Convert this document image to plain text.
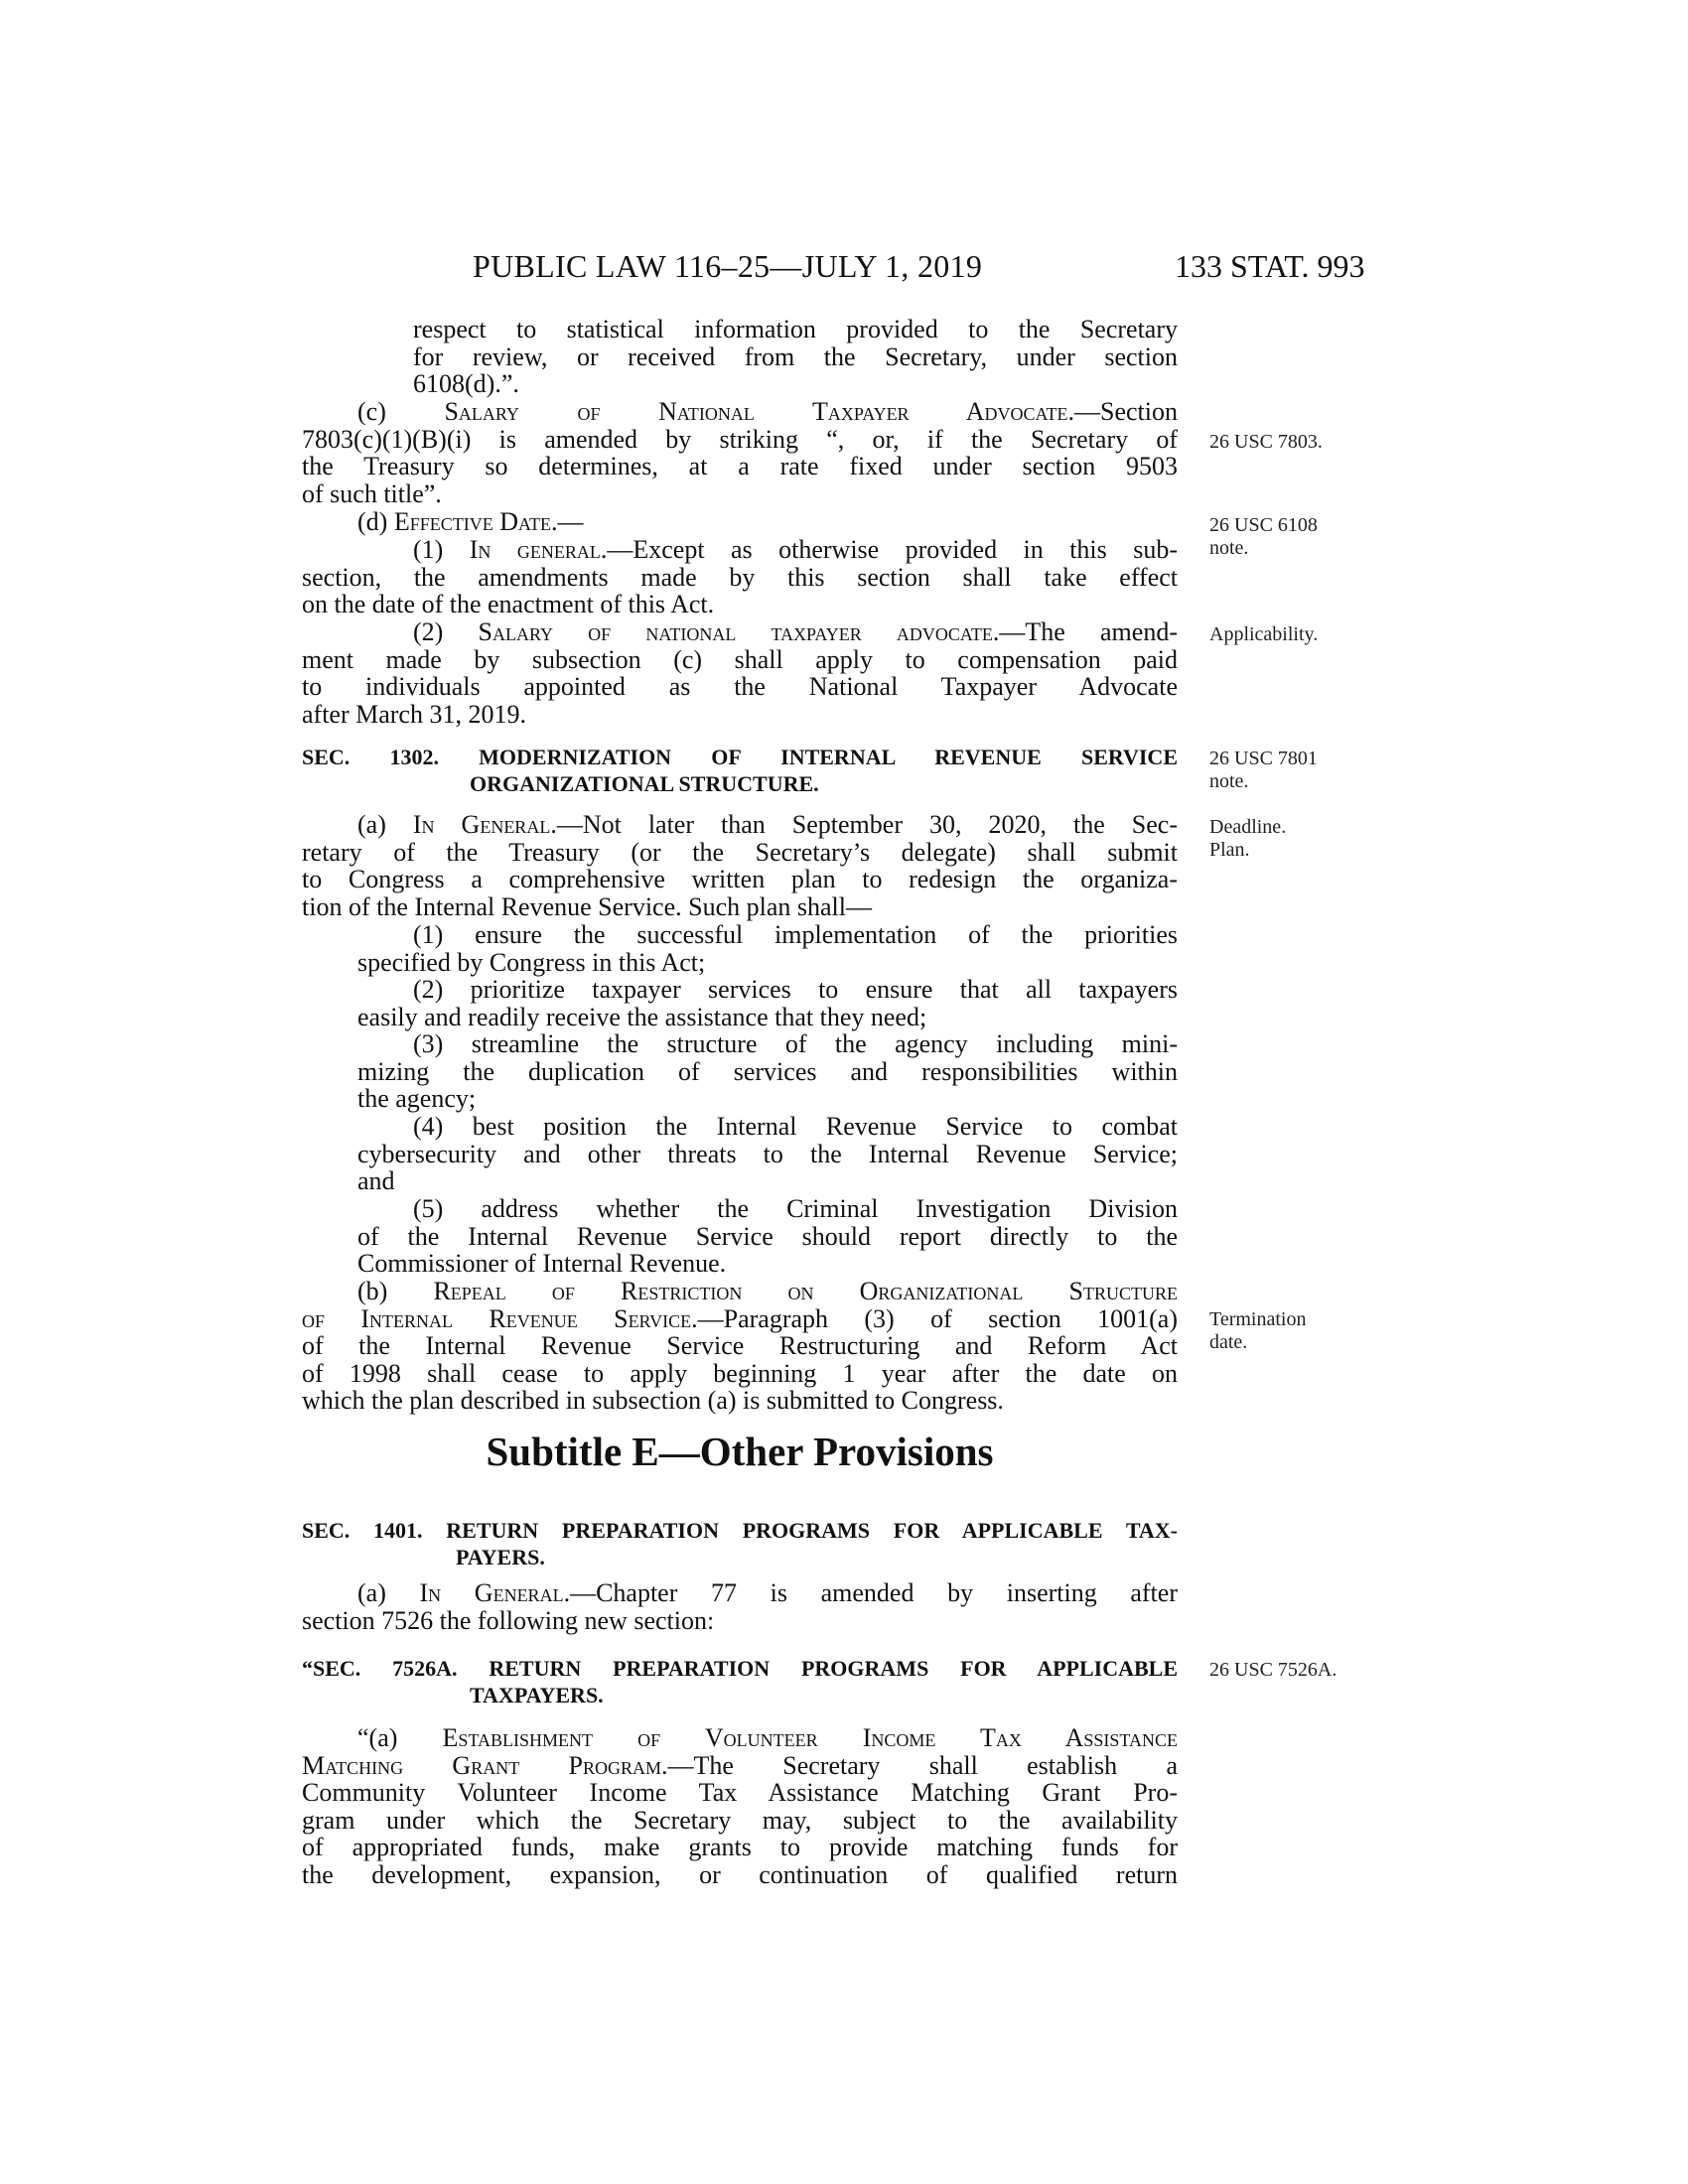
PUBLIC LAW 116–25—JULY 1, 2019	133 STAT. 993
respect to statistical information provided to the Secretary
for review, or received from the Secretary, under section
6108(d).”.
(c) Salary of National Taxpayer Advocate.—Section
7803(c)(1)(B)(i) is amended by striking “, or, if the Secretary of
the Treasury so determines, at a rate fixed under section 9503
of such title”.
(d) Effective Date.—
(1) In general.—Except as otherwise provided in this sub-
section, the amendments made by this section shall take effect
on the date of the enactment of this Act.
(2) Salary of national taxpayer advocate.—The amend-
ment made by subsection (c) shall apply to compensation paid
to individuals appointed as the National Taxpayer Advocate
after March 31, 2019.
SEC. 1302. MODERNIZATION OF INTERNAL REVENUE SERVICE
ORGANIZATIONAL STRUCTURE.
(a) In General.—Not later than September 30, 2020, the Sec-
retary of the Treasury (or the Secretary’s delegate) shall submit
to Congress a comprehensive written plan to redesign the organiza-
tion of the Internal Revenue Service. Such plan shall—
(1) ensure the successful implementation of the priorities
specified by Congress in this Act;
(2) prioritize taxpayer services to ensure that all taxpayers
easily and readily receive the assistance that they need;
(3) streamline the structure of the agency including mini-
mizing the duplication of services and responsibilities within
the agency;
(4) best position the Internal Revenue Service to combat
cybersecurity and other threats to the Internal Revenue Service;
and
(5) address whether the Criminal Investigation Division
of the Internal Revenue Service should report directly to the
Commissioner of Internal Revenue.
(b) Repeal of Restriction on Organizational Structure
of Internal Revenue Service.—Paragraph (3) of section 1001(a)
of the Internal Revenue Service Restructuring and Reform Act
of 1998 shall cease to apply beginning 1 year after the date on
which the plan described in subsection (a) is submitted to Congress.
Subtitle E—Other Provisions
SEC. 1401. RETURN PREPARATION PROGRAMS FOR APPLICABLE TAX-
PAYERS.
(a) In General.—Chapter 77 is amended by inserting after
section 7526 the following new section:
“SEC. 7526A. RETURN PREPARATION PROGRAMS FOR APPLICABLE
TAXPAYERS.
“(a) Establishment of Volunteer Income Tax Assistance
Matching Grant Program.—The Secretary shall establish a
Community Volunteer Income Tax Assistance Matching Grant Pro-
gram under which the Secretary may, subject to the availability
of appropriated funds, make grants to provide matching funds for
the development, expansion, or continuation of qualified return
26 USC 7803.
26 USC 6108
note.
Applicability.
26 USC 7801
note.
Deadline.
Plan.
Termination
date.
26 USC 7526A.
